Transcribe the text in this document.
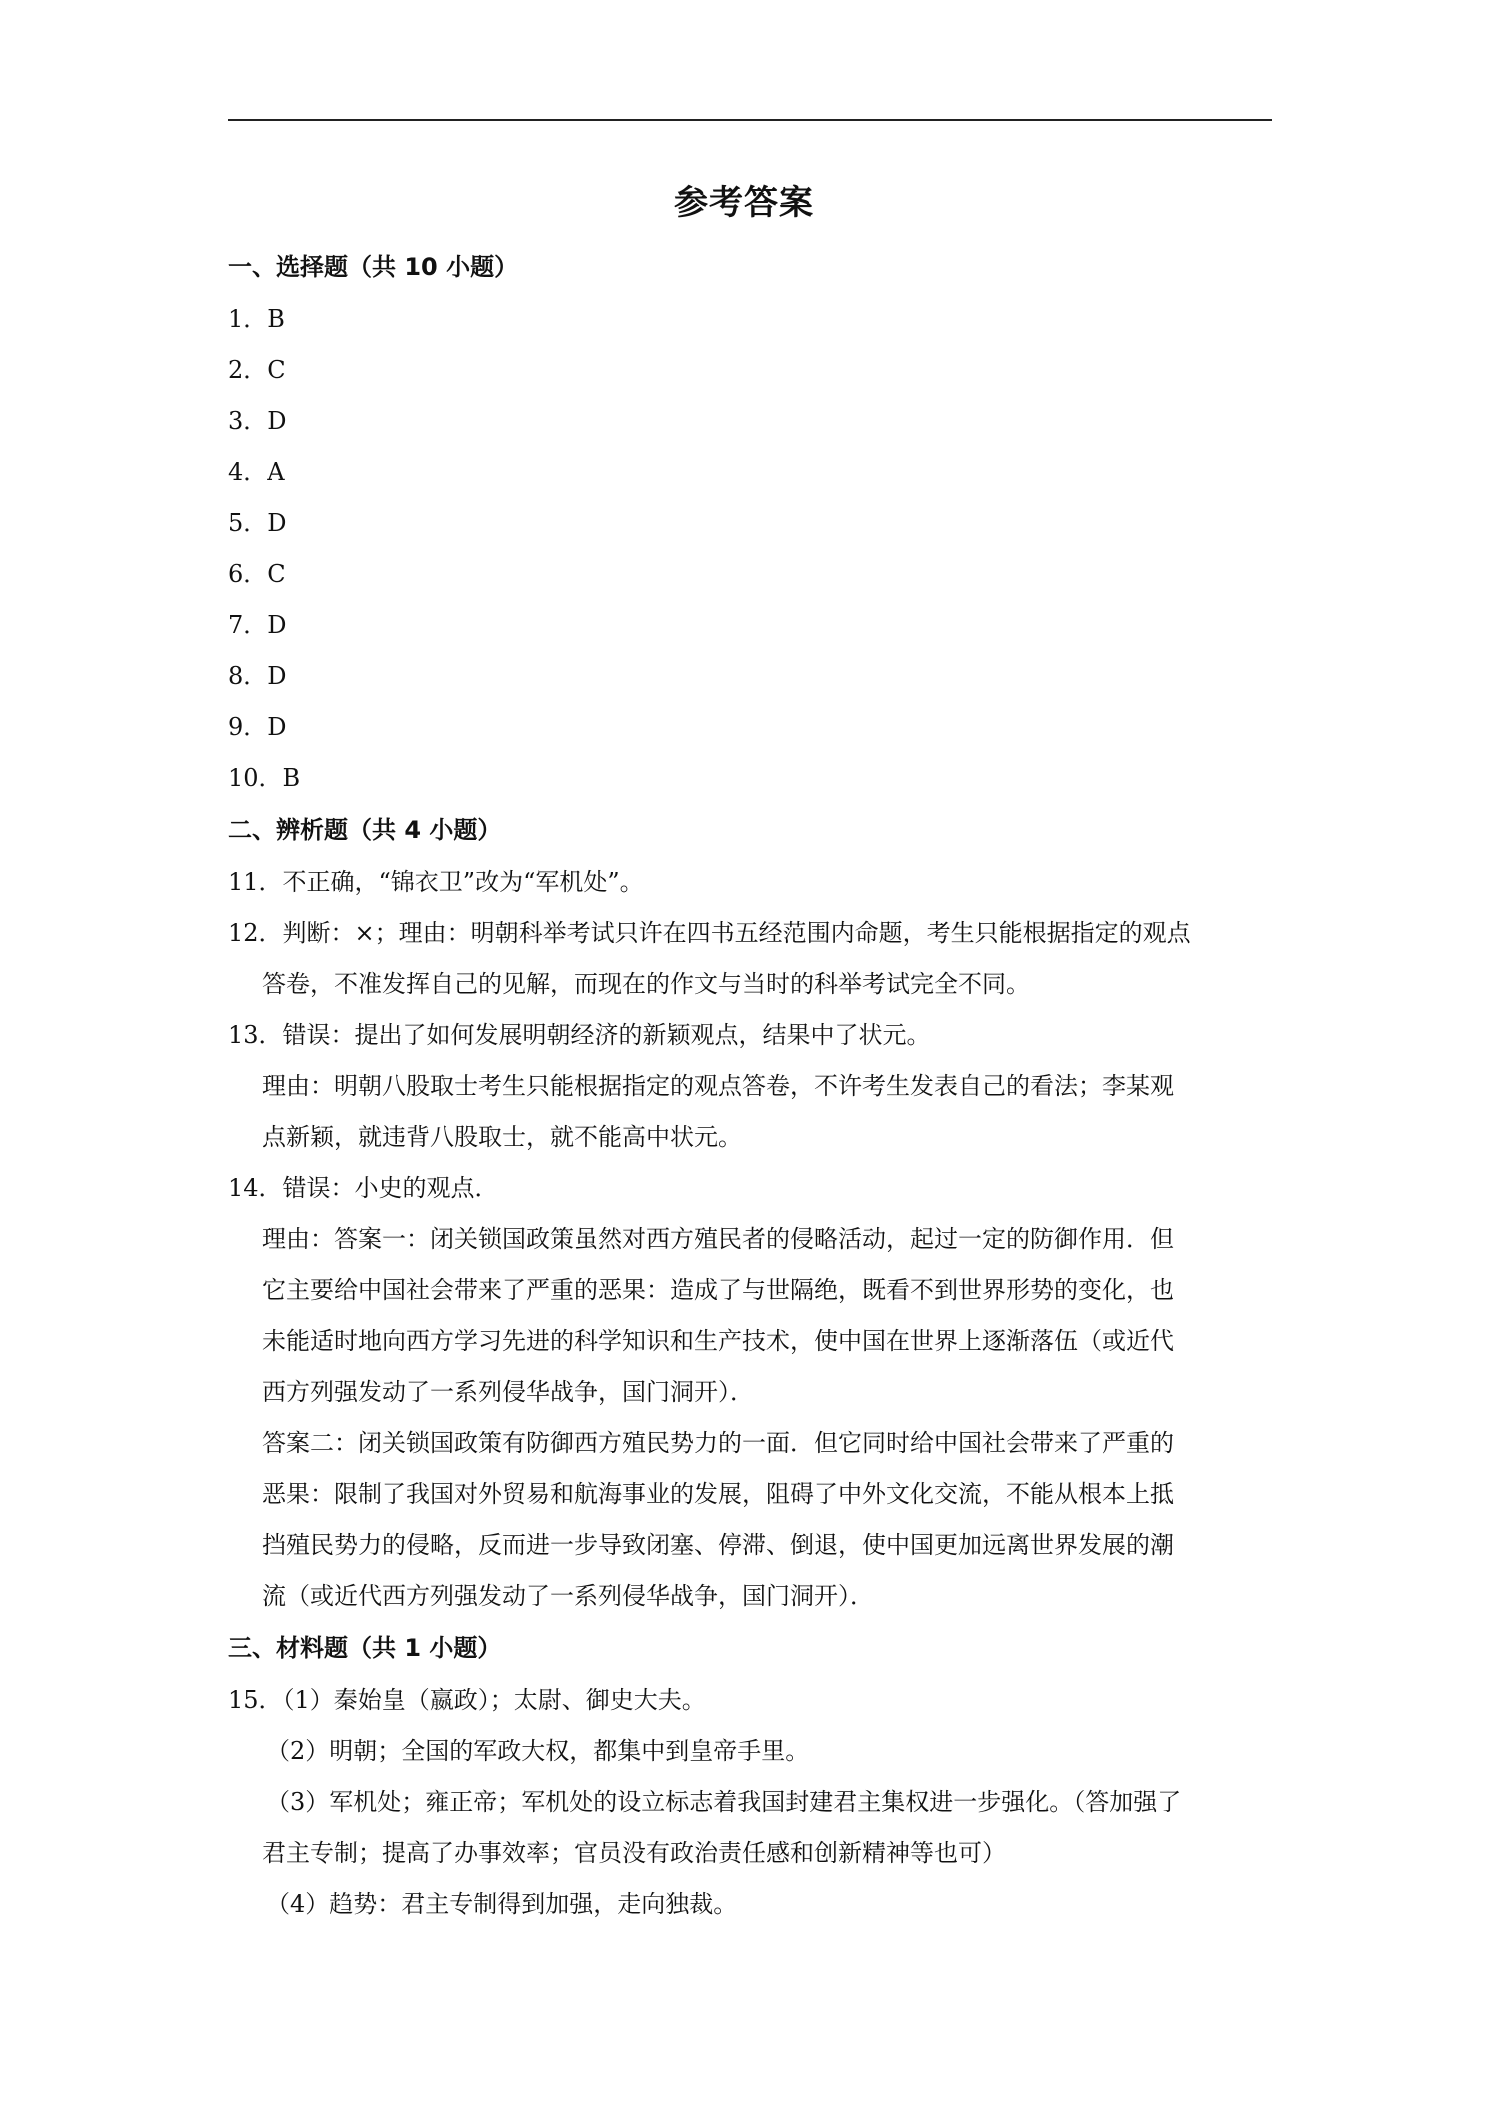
参考答案
一、选择题（共 10 小题）
1．B
2．C
3．D
4．A
5．D
6．C
7．D
8．D
9．D
10．B
二、辨析题（共 4 小题）
11．不正确，“锦衣卫”改为“军机处”。
12．判断：×；理由：明朝科举考试只许在四书五经范围内命题，考生只能根据指定的观点
答卷，不准发挥自己的见解，而现在的作文与当时的科举考试完全不同。
13．错误：提出了如何发展明朝经济的新颖观点，结果中了状元。
理由：明朝八股取士考生只能根据指定的观点答卷，不许考生发表自己的看法；李某观
点新颖，就违背八股取士，就不能高中状元。
14．错误：小史的观点．
理由：答案一：闭关锁国政策虽然对西方殖民者的侵略活动，起过一定的防御作用．但
它主要给中国社会带来了严重的恶果：造成了与世隔绝，既看不到世界形势的变化，也
未能适时地向西方学习先进的科学知识和生产技术，使中国在世界上逐渐落伍（或近代
西方列强发动了一系列侵华战争，国门洞开）．
答案二：闭关锁国政策有防御西方殖民势力的一面．但它同时给中国社会带来了严重的
恶果：限制了我国对外贸易和航海事业的发展，阻碍了中外文化交流，不能从根本上抵
挡殖民势力的侵略，反而进一步导致闭塞、停滞、倒退，使中国更加远离世界发展的潮
流（或近代西方列强发动了一系列侵华战争，国门洞开）．
三、材料题（共 1 小题）
15．（1）秦始皇（嬴政）；太尉、御史大夫。
（2）明朝；全国的军政大权，都集中到皇帝手里。
（3）军机处；雍正帝；军机处的设立标志着我国封建君主集权进一步强化。（答加强了
君主专制；提高了办事效率；官员没有政治责任感和创新精神等也可）
（4）趋势：君主专制得到加强，走向独裁。
